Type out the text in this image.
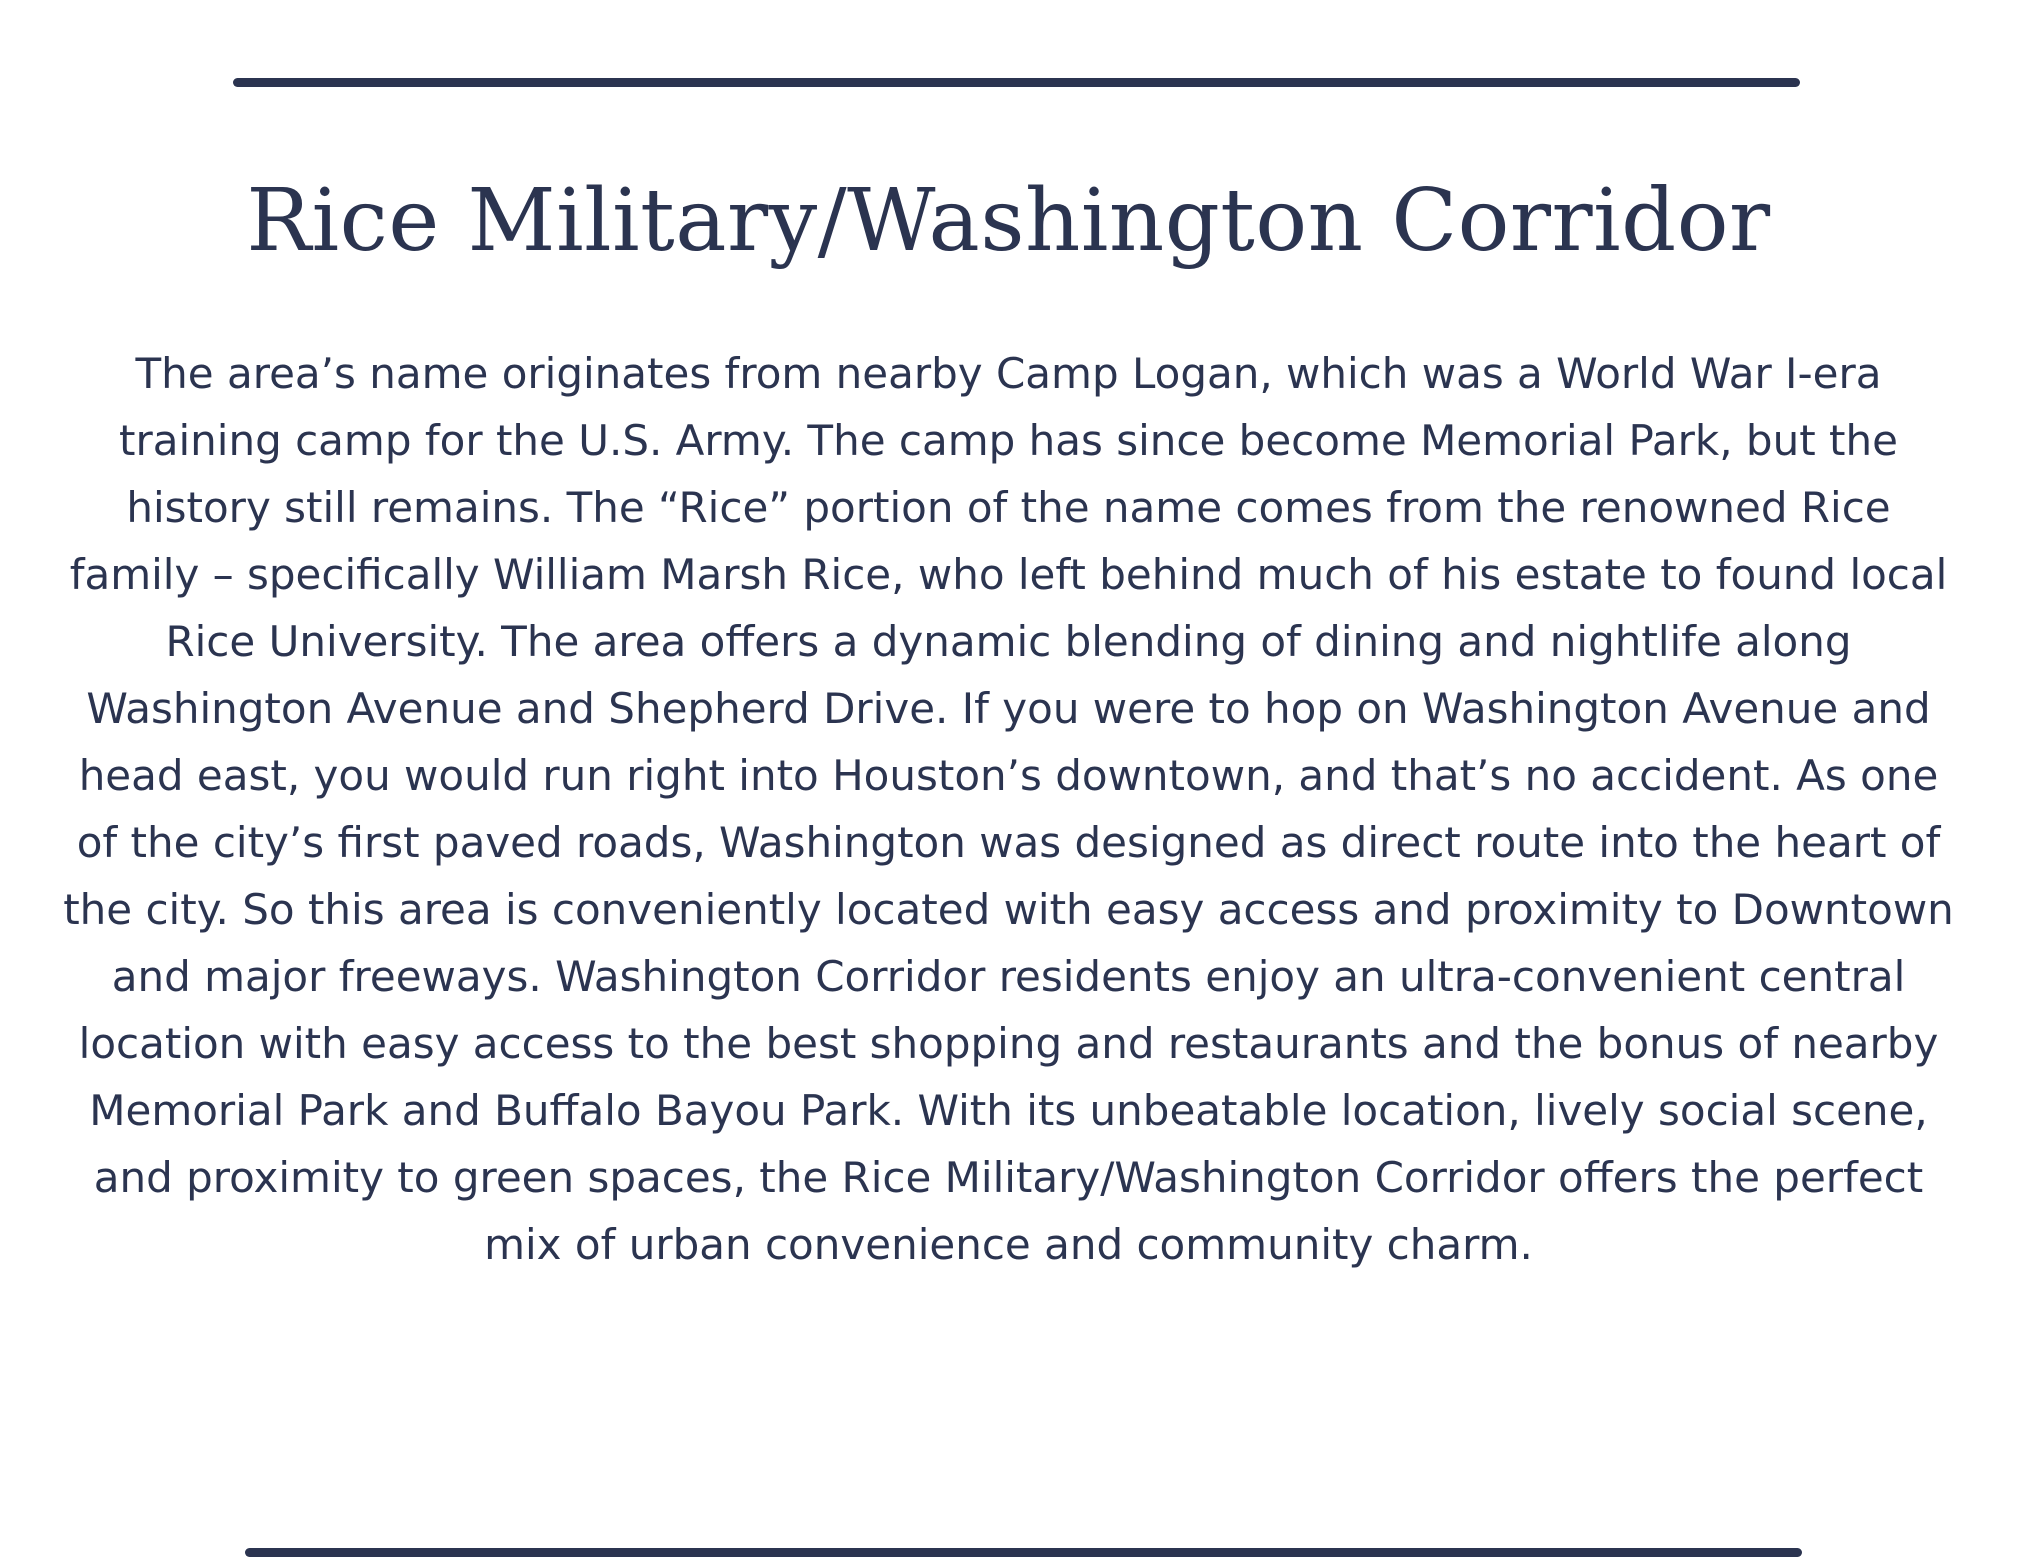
Rice Military/Washington Corridor

The area’s name originates from nearby Camp Logan, which was a World War I-era
training camp for the U.S. Army. The camp has since become Memorial Park, but the
history still remains. The “Rice” portion of the name comes from the renowned Rice
family – specifically William Marsh Rice, who left behind much of his estate to found local
Rice University. The area offers a dynamic blending of dining and nightlife along
Washington Avenue and Shepherd Drive. If you were to hop on Washington Avenue and
head east, you would run right into Houston’s downtown, and that’s no accident. As one
of the city’s first paved roads, Washington was designed as direct route into the heart of
the city. So this area is conveniently located with easy access and proximity to Downtown
and major freeways. Washington Corridor residents enjoy an ultra-convenient central
location with easy access to the best shopping and restaurants and the bonus of nearby
Memorial Park and Buffalo Bayou Park. With its unbeatable location, lively social scene,
and proximity to green spaces, the Rice Military/Washington Corridor offers the perfect
mix of urban convenience and community charm.
